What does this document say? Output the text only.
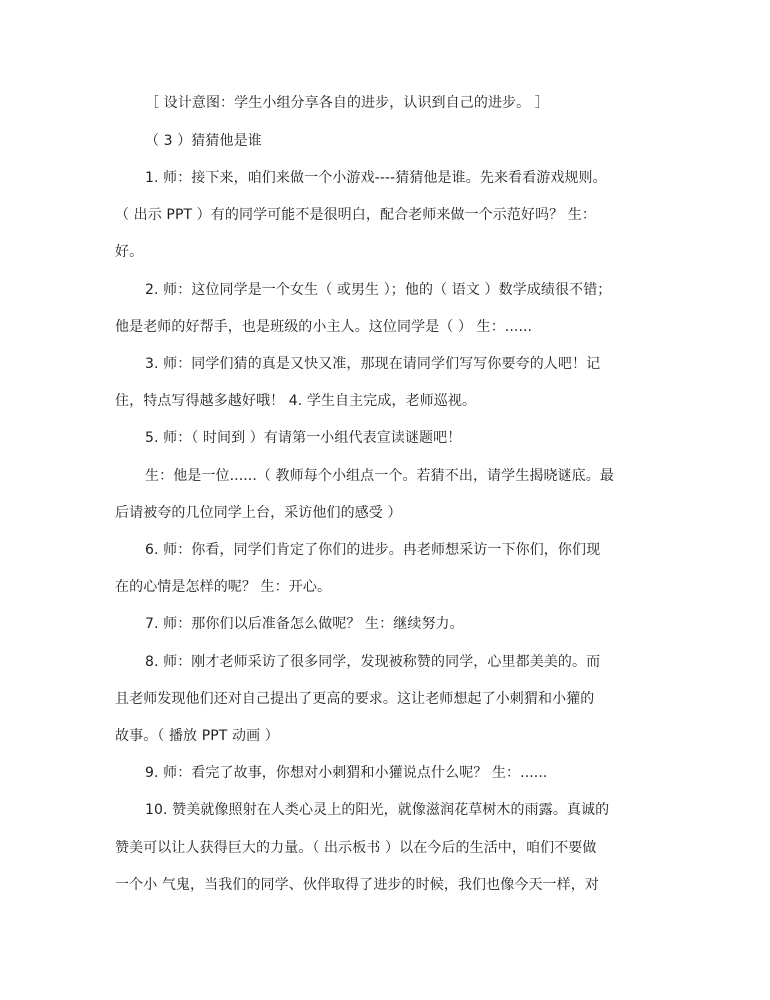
［ 设计意图：学生小组分享各自的进步，认识到自己的进步。 ］
（ 3 ）猜猜他是谁
1. 师：接下来，咱们来做一个小游戏----猜猜他是谁。先来看看游戏规则。
（ 出示 PPT ）有的同学可能不是很明白，配合老师来做一个示范好吗？ 生：
好。
2. 师：这位同学是一个女生（ 或男生 ）；他的（ 语文 ）数学成绩很不错；
他是老师的好帮手，也是班级的小主人。这位同学是（ ） 生：......
3. 师：同学们猜的真是又快又准，那现在请同学们写写你要夸的人吧！记
住，特点写得越多越好哦！ 4. 学生自主完成，老师巡视。
5. 师：（ 时间到 ）有请第一小组代表宣读谜题吧！
生：他是一位......（ 教师每个小组点一个。若猜不出，请学生揭晓谜底。最
后请被夸的几位同学上台，采访他们的感受 ）
6. 师：你看，同学们肯定了你们的进步。冉老师想采访一下你们，你们现
在的心情是怎样的呢？ 生：开心。
7. 师：那你们以后准备怎么做呢？ 生：继续努力。
8. 师：刚才老师采访了很多同学，发现被称赞的同学，心里都美美的。而
且老师发现他们还对自己提出了更高的要求。这让老师想起了小刺猬和小獾的
故事。（ 播放 PPT 动画 ）
9. 师：看完了故事，你想对小刺猬和小獾说点什么呢？ 生：......
10. 赞美就像照射在人类心灵上的阳光，就像滋润花草树木的雨露。真诚的
赞美可以让人获得巨大的力量。（ 出示板书 ）以在今后的生活中，咱们不要做
一个小 气鬼，当我们的同学、伙伴取得了进步的时候，我们也像今天一样，对
